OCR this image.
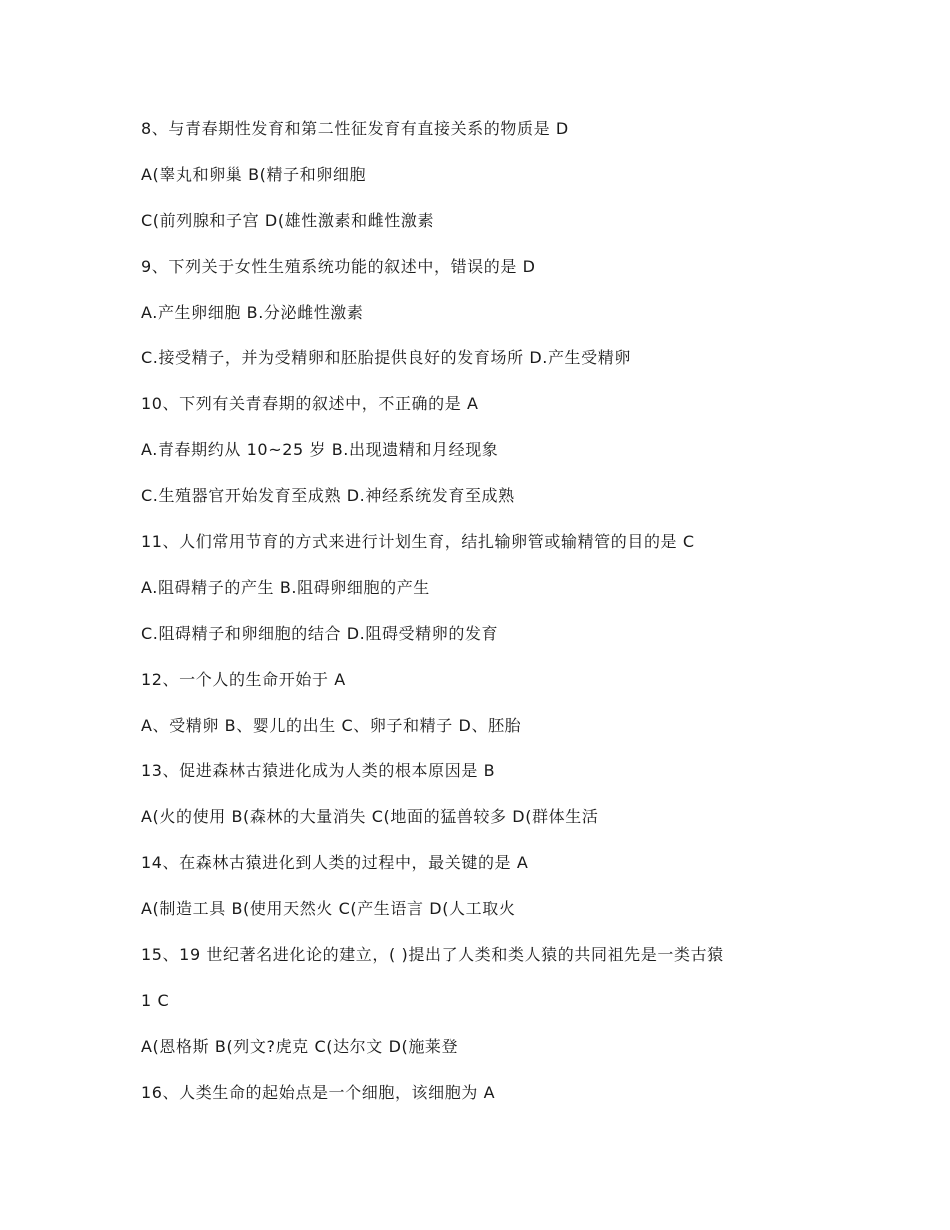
8、与青春期性发育和第二性征发育有直接关系的物质是 D
A(睾丸和卵巢 B(精子和卵细胞
C(前列腺和子宫 D(雄性激素和雌性激素
9、下列关于女性生殖系统功能的叙述中，错误的是 D
A.产生卵细胞 B.分泌雌性激素
C.接受精子，并为受精卵和胚胎提供良好的发育场所 D.产生受精卵
10、下列有关青春期的叙述中，不正确的是 A
A.青春期约从 10~25 岁 B.出现遗精和月经现象
C.生殖器官开始发育至成熟 D.神经系统发育至成熟
11、人们常用节育的方式来进行计划生育，结扎输卵管或输精管的目的是 C
A.阻碍精子的产生 B.阻碍卵细胞的产生
C.阻碍精子和卵细胞的结合 D.阻碍受精卵的发育
12、一个人的生命开始于 A
A、受精卵 B、婴儿的出生 C、卵子和精子 D、胚胎
13、促进森林古猿进化成为人类的根本原因是 B
A(火的使用 B(森林的大量消失 C(地面的猛兽较多 D(群体生活
14、在森林古猿进化到人类的过程中，最关键的是 A
A(制造工具 B(使用天然火 C(产生语言 D(人工取火
15、19 世纪著名进化论的建立，( )提出了人类和类人猿的共同祖先是一类古猿
1 C
A(恩格斯 B(列文?虎克 C(达尔文 D(施莱登
16、人类生命的起始点是一个细胞，该细胞为 A
